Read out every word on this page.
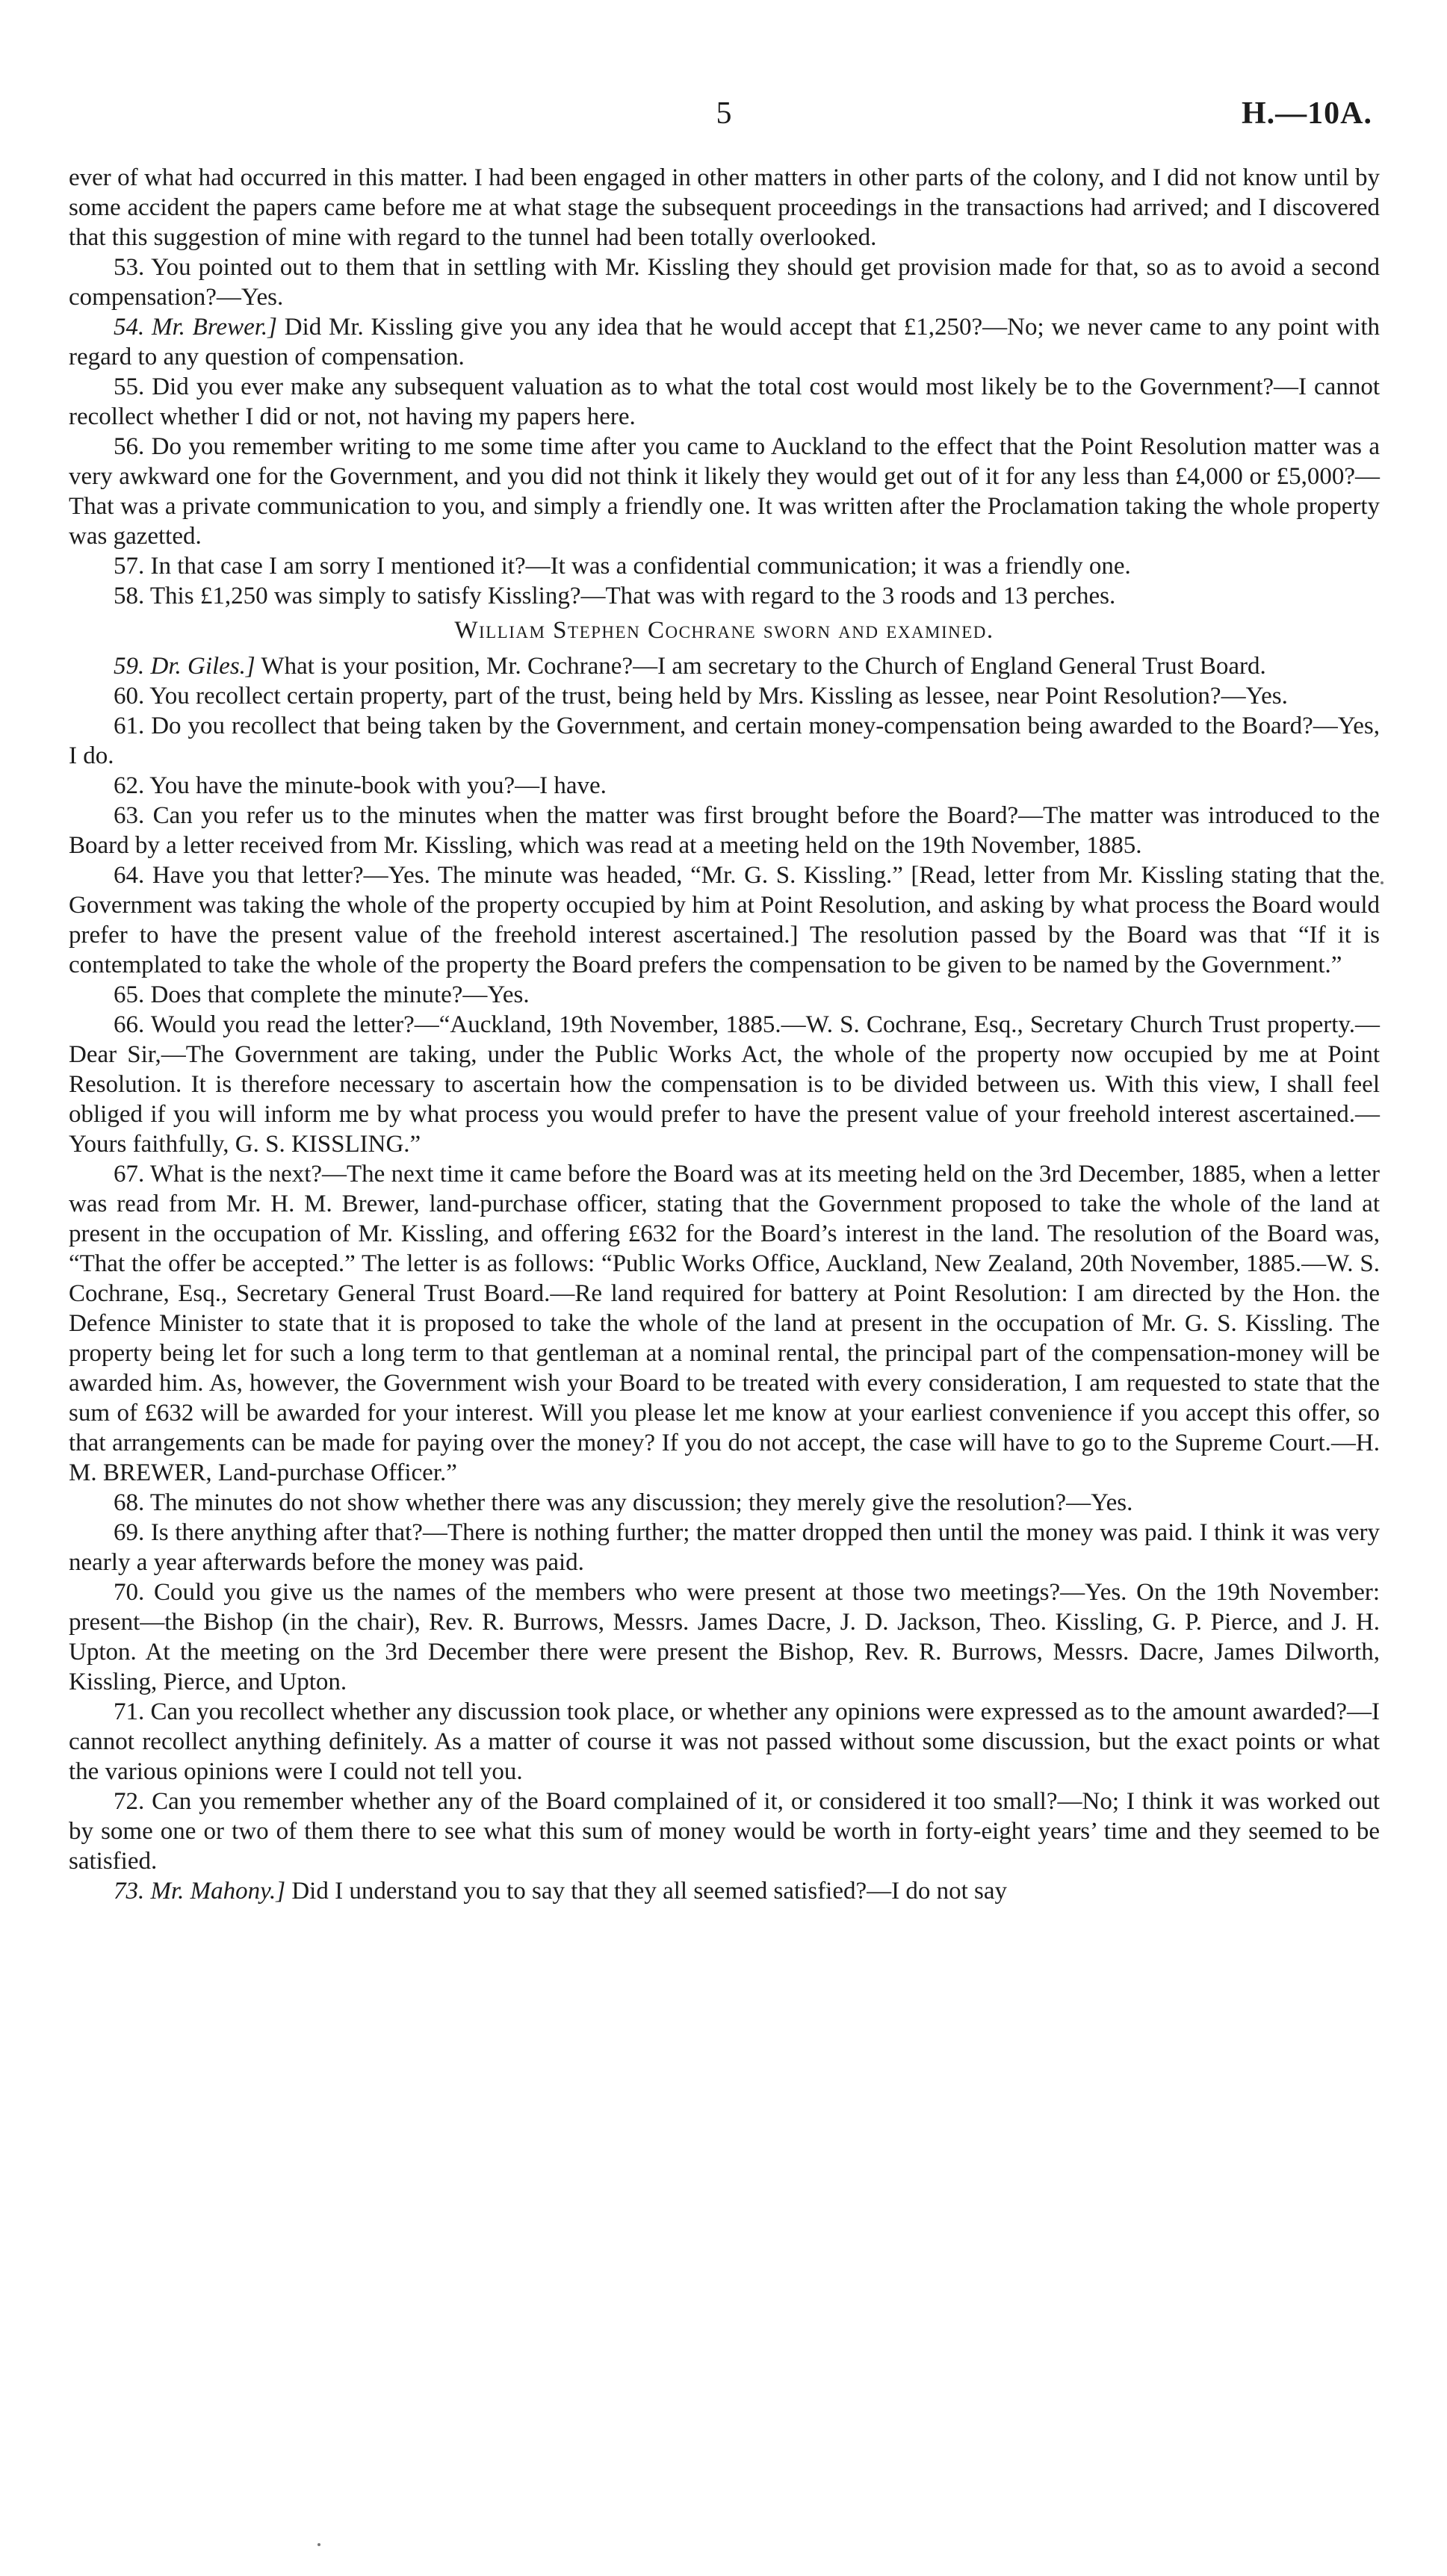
5	H.—10A.

ever of what had occurred in this matter. I had been engaged in other matters in other parts of the colony, and I did not know until by some accident the papers came before me at what stage the subsequent proceedings in the transactions had arrived; and I discovered that this suggestion of mine with regard to the tunnel had been totally overlooked.

53. You pointed out to them that in settling with Mr. Kissling they should get provision made for that, so as to avoid a second compensation?—Yes.

54. Mr. Brewer.] Did Mr. Kissling give you any idea that he would accept that £1,250?—No; we never came to any point with regard to any question of compensation.

55. Did you ever make any subsequent valuation as to what the total cost would most likely be to the Government?—I cannot recollect whether I did or not, not having my papers here.

56. Do you remember writing to me some time after you came to Auckland to the effect that the Point Resolution matter was a very awkward one for the Government, and you did not think it likely they would get out of it for any less than £4,000 or £5,000?—That was a private communication to you, and simply a friendly one. It was written after the Proclamation taking the whole property was gazetted.

57. In that case I am sorry I mentioned it?—It was a confidential communication; it was a friendly one.

58. This £1,250 was simply to satisfy Kissling?—That was with regard to the 3 roods and 13 perches.

William Stephen Cochrane sworn and examined.

59. Dr. Giles.] What is your position, Mr. Cochrane?—I am secretary to the Church of England General Trust Board.

60. You recollect certain property, part of the trust, being held by Mrs. Kissling as lessee, near Point Resolution?—Yes.

61. Do you recollect that being taken by the Government, and certain money-compensation being awarded to the Board?—Yes, I do.

62. You have the minute-book with you?—I have.

63. Can you refer us to the minutes when the matter was first brought before the Board?—The matter was introduced to the Board by a letter received from Mr. Kissling, which was read at a meeting held on the 19th November, 1885.

64. Have you that letter?—Yes. The minute was headed, “Mr. G. S. Kissling.” [Read, letter from Mr. Kissling stating that the Government was taking the whole of the property occupied by him at Point Resolution, and asking by what process the Board would prefer to have the present value of the freehold interest ascertained.] The resolution passed by the Board was that “If it is contemplated to take the whole of the property the Board prefers the compensation to be given to be named by the Government.”

65. Does that complete the minute?—Yes.

66. Would you read the letter?—“Auckland, 19th November, 1885.—W. S. Cochrane, Esq., Secretary Church Trust property.—Dear Sir,—The Government are taking, under the Public Works Act, the whole of the property now occupied by me at Point Resolution. It is therefore necessary to ascertain how the compensation is to be divided between us. With this view, I shall feel obliged if you will inform me by what process you would prefer to have the present value of your freehold interest ascertained.—Yours faithfully, G. S. KISSLING.”

67. What is the next?—The next time it came before the Board was at its meeting held on the 3rd December, 1885, when a letter was read from Mr. H. M. Brewer, land-purchase officer, stating that the Government proposed to take the whole of the land at present in the occupation of Mr. Kissling, and offering £632 for the Board’s interest in the land. The resolution of the Board was, “That the offer be accepted.” The letter is as follows: “Public Works Office, Auckland, New Zealand, 20th November, 1885.—W. S. Cochrane, Esq., Secretary General Trust Board.—Re land required for battery at Point Resolution: I am directed by the Hon. the Defence Minister to state that it is proposed to take the whole of the land at present in the occupation of Mr. G. S. Kissling. The property being let for such a long term to that gentleman at a nominal rental, the principal part of the compensation-money will be awarded him. As, however, the Government wish your Board to be treated with every consideration, I am requested to state that the sum of £632 will be awarded for your interest. Will you please let me know at your earliest convenience if you accept this offer, so that arrangements can be made for paying over the money? If you do not accept, the case will have to go to the Supreme Court.—H. M. BREWER, Land-purchase Officer.”

68. The minutes do not show whether there was any discussion; they merely give the resolution?—Yes.

69. Is there anything after that?—There is nothing further; the matter dropped then until the money was paid. I think it was very nearly a year afterwards before the money was paid.

70. Could you give us the names of the members who were present at those two meetings?—Yes. On the 19th November: present—the Bishop (in the chair), Rev. R. Burrows, Messrs. James Dacre, J. D. Jackson, Theo. Kissling, G. P. Pierce, and J. H. Upton. At the meeting on the 3rd December there were present the Bishop, Rev. R. Burrows, Messrs. Dacre, James Dilworth, Kissling, Pierce, and Upton.

71. Can you recollect whether any discussion took place, or whether any opinions were expressed as to the amount awarded?—I cannot recollect anything definitely. As a matter of course it was not passed without some discussion, but the exact points or what the various opinions were I could not tell you.

72. Can you remember whether any of the Board complained of it, or considered it too small?—No; I think it was worked out by some one or two of them there to see what this sum of money would be worth in forty-eight years’ time and they seemed to be satisfied.

73. Mr. Mahony.] Did I understand you to say that they all seemed satisfied?—I do not say
